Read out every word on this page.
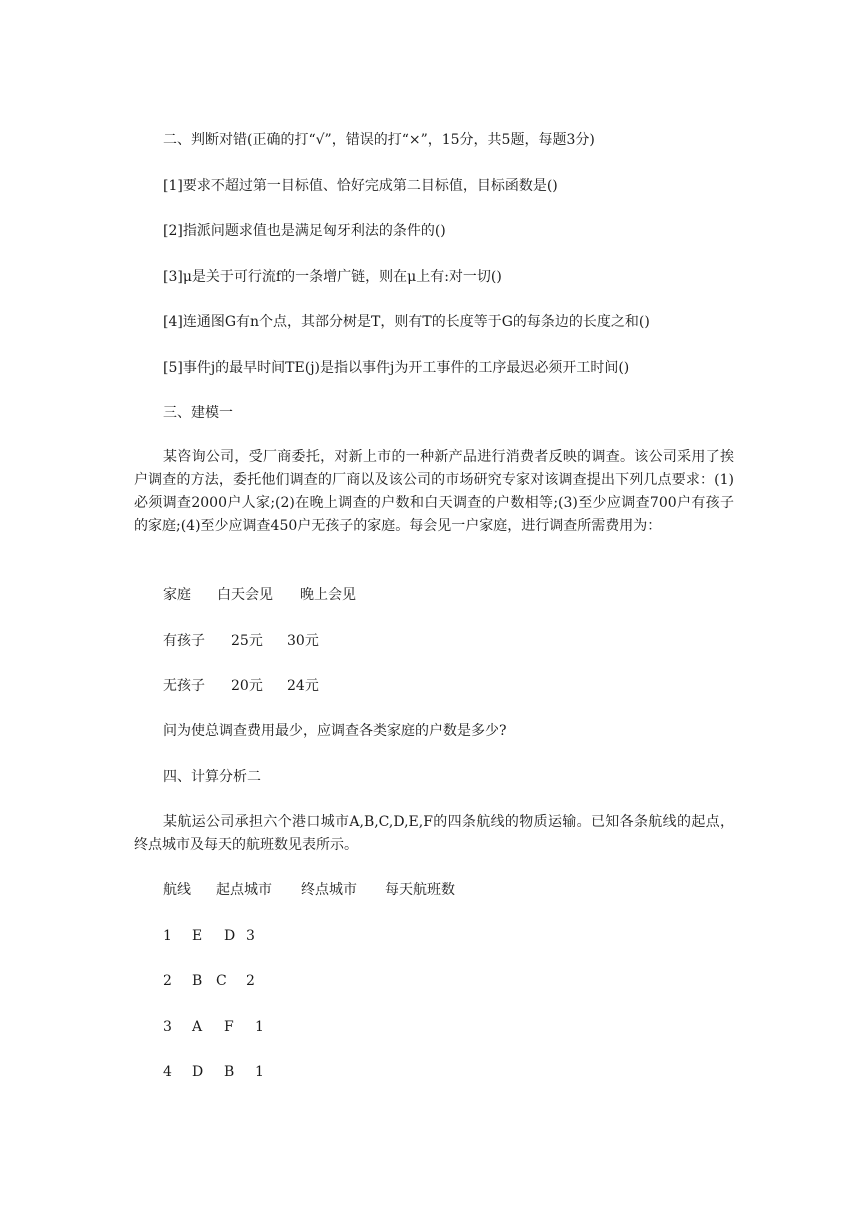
二、判断对错(正确的打“√”，错误的打“×”，15分，共5题，每题3分)
[1]要求不超过第一目标值、恰好完成第二目标值，目标函数是()
[2]指派问题求值也是满足匈牙利法的条件的()
[3]μ是关于可行流f的一条增广链，则在μ上有:对一切()
[4]连通图G有n个点，其部分树是T，则有T的长度等于G的每条边的长度之和()
[5]事件j的最早时间TE(j)是指以事件j为开工事件的工序最迟必须开工时间()
三、建模一
某咨询公司，受厂商委托，对新上市的一种新产品进行消费者反映的调查。该公司采用了挨户调查的方法，委托他们调查的厂商以及该公司的市场研究专家对该调查提出下列几点要求：(1)必须调查2000户人家;(2)在晚上调查的户数和白天调查的户数相等;(3)至少应调查700户有孩子的家庭;(4)至少应调查450户无孩子的家庭。每会见一户家庭，进行调查所需费用为：
家庭 白天会见 晚上会见
有孩子 25元 30元
无孩子 20元 24元
问为使总调查费用最少，应调查各类家庭的户数是多少?
四、计算分析二
某航运公司承担六个港口城市A,B,C,D,E,F的四条航线的物质运输。已知各条航线的起点，终点城市及每天的航班数见表所示。
航线 起点城市 终点城市 每天航班数
1 E D 3
2 B C 2
3 A F 1
4 D B 1
